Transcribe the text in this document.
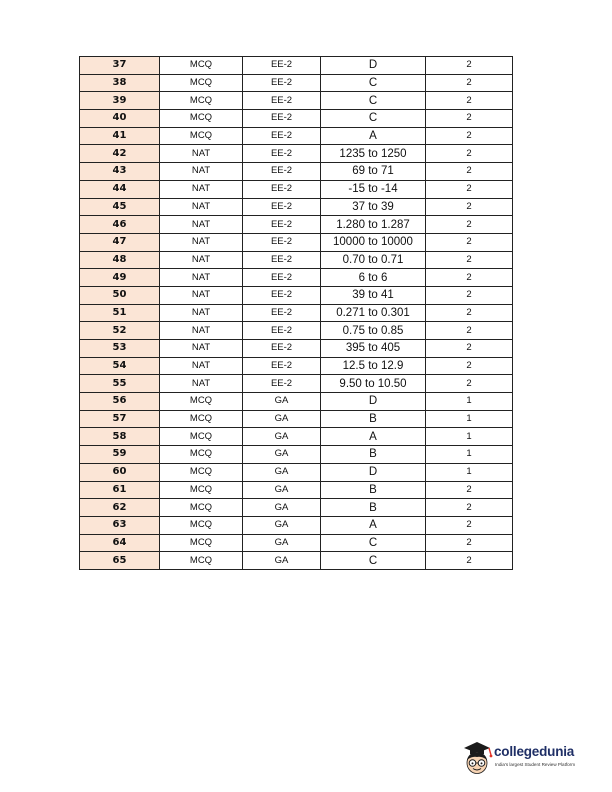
37	MCQ	EE-2	D	2
38	MCQ	EE-2	C	2
39	MCQ	EE-2	C	2
40	MCQ	EE-2	C	2
41	MCQ	EE-2	A	2
42	NAT	EE-2	1235 to 1250	2
43	NAT	EE-2	69 to 71	2
44	NAT	EE-2	-15 to -14	2
45	NAT	EE-2	37 to 39	2
46	NAT	EE-2	1.280 to 1.287	2
47	NAT	EE-2	10000 to 10000	2
48	NAT	EE-2	0.70 to 0.71	2
49	NAT	EE-2	6 to 6	2
50	NAT	EE-2	39 to 41	2
51	NAT	EE-2	0.271 to 0.301	2
52	NAT	EE-2	0.75 to 0.85	2
53	NAT	EE-2	395 to 405	2
54	NAT	EE-2	12.5 to 12.9	2
55	NAT	EE-2	9.50 to 10.50	2
56	MCQ	GA	D	1
57	MCQ	GA	B	1
58	MCQ	GA	A	1
59	MCQ	GA	B	1
60	MCQ	GA	D	1
61	MCQ	GA	B	2
62	MCQ	GA	B	2
63	MCQ	GA	A	2
64	MCQ	GA	C	2
65	MCQ	GA	C	2
collegedunia
India's largest Student Review Platform
